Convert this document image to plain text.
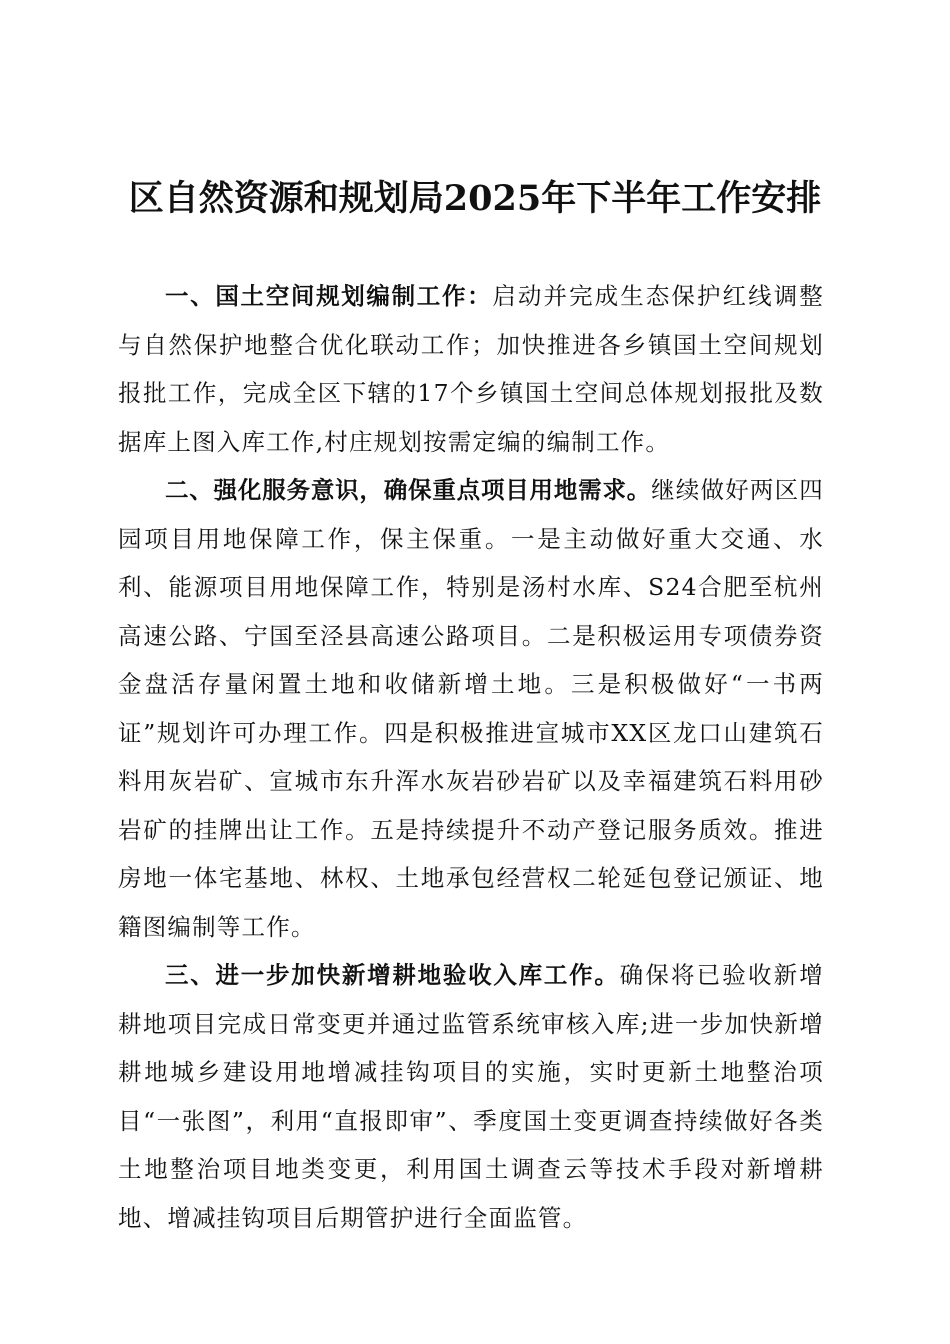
区自然资源和规划局2025年下半年工作安排

一、国土空间规划编制工作：启动并完成生态保护红线调整与自然保护地整合优化联动工作；加快推进各乡镇国土空间规划报批工作，完成全区下辖的17个乡镇国土空间总体规划报批及数据库上图入库工作,村庄规划按需定编的编制工作。

二、强化服务意识，确保重点项目用地需求。继续做好两区四园项目用地保障工作，保主保重。一是主动做好重大交通、水利、能源项目用地保障工作，特别是汤村水库、S24合肥至杭州高速公路、宁国至泾县高速公路项目。二是积极运用专项债券资金盘活存量闲置土地和收储新增土地。三是积极做好“一书两证”规划许可办理工作。四是积极推进宣城市XX区龙口山建筑石料用灰岩矿、宣城市东升浑水灰岩砂岩矿以及幸福建筑石料用砂岩矿的挂牌出让工作。五是持续提升不动产登记服务质效。推进房地一体宅基地、林权、土地承包经营权二轮延包登记颁证、地籍图编制等工作。

三、进一步加快新增耕地验收入库工作。确保将已验收新增耕地项目完成日常变更并通过监管系统审核入库;进一步加快新增耕地城乡建设用地增减挂钩项目的实施，实时更新土地整治项目“一张图”，利用“直报即审”、季度国土变更调查持续做好各类土地整治项目地类变更，利用国土调查云等技术手段对新增耕地、增减挂钩项目后期管护进行全面监管。
